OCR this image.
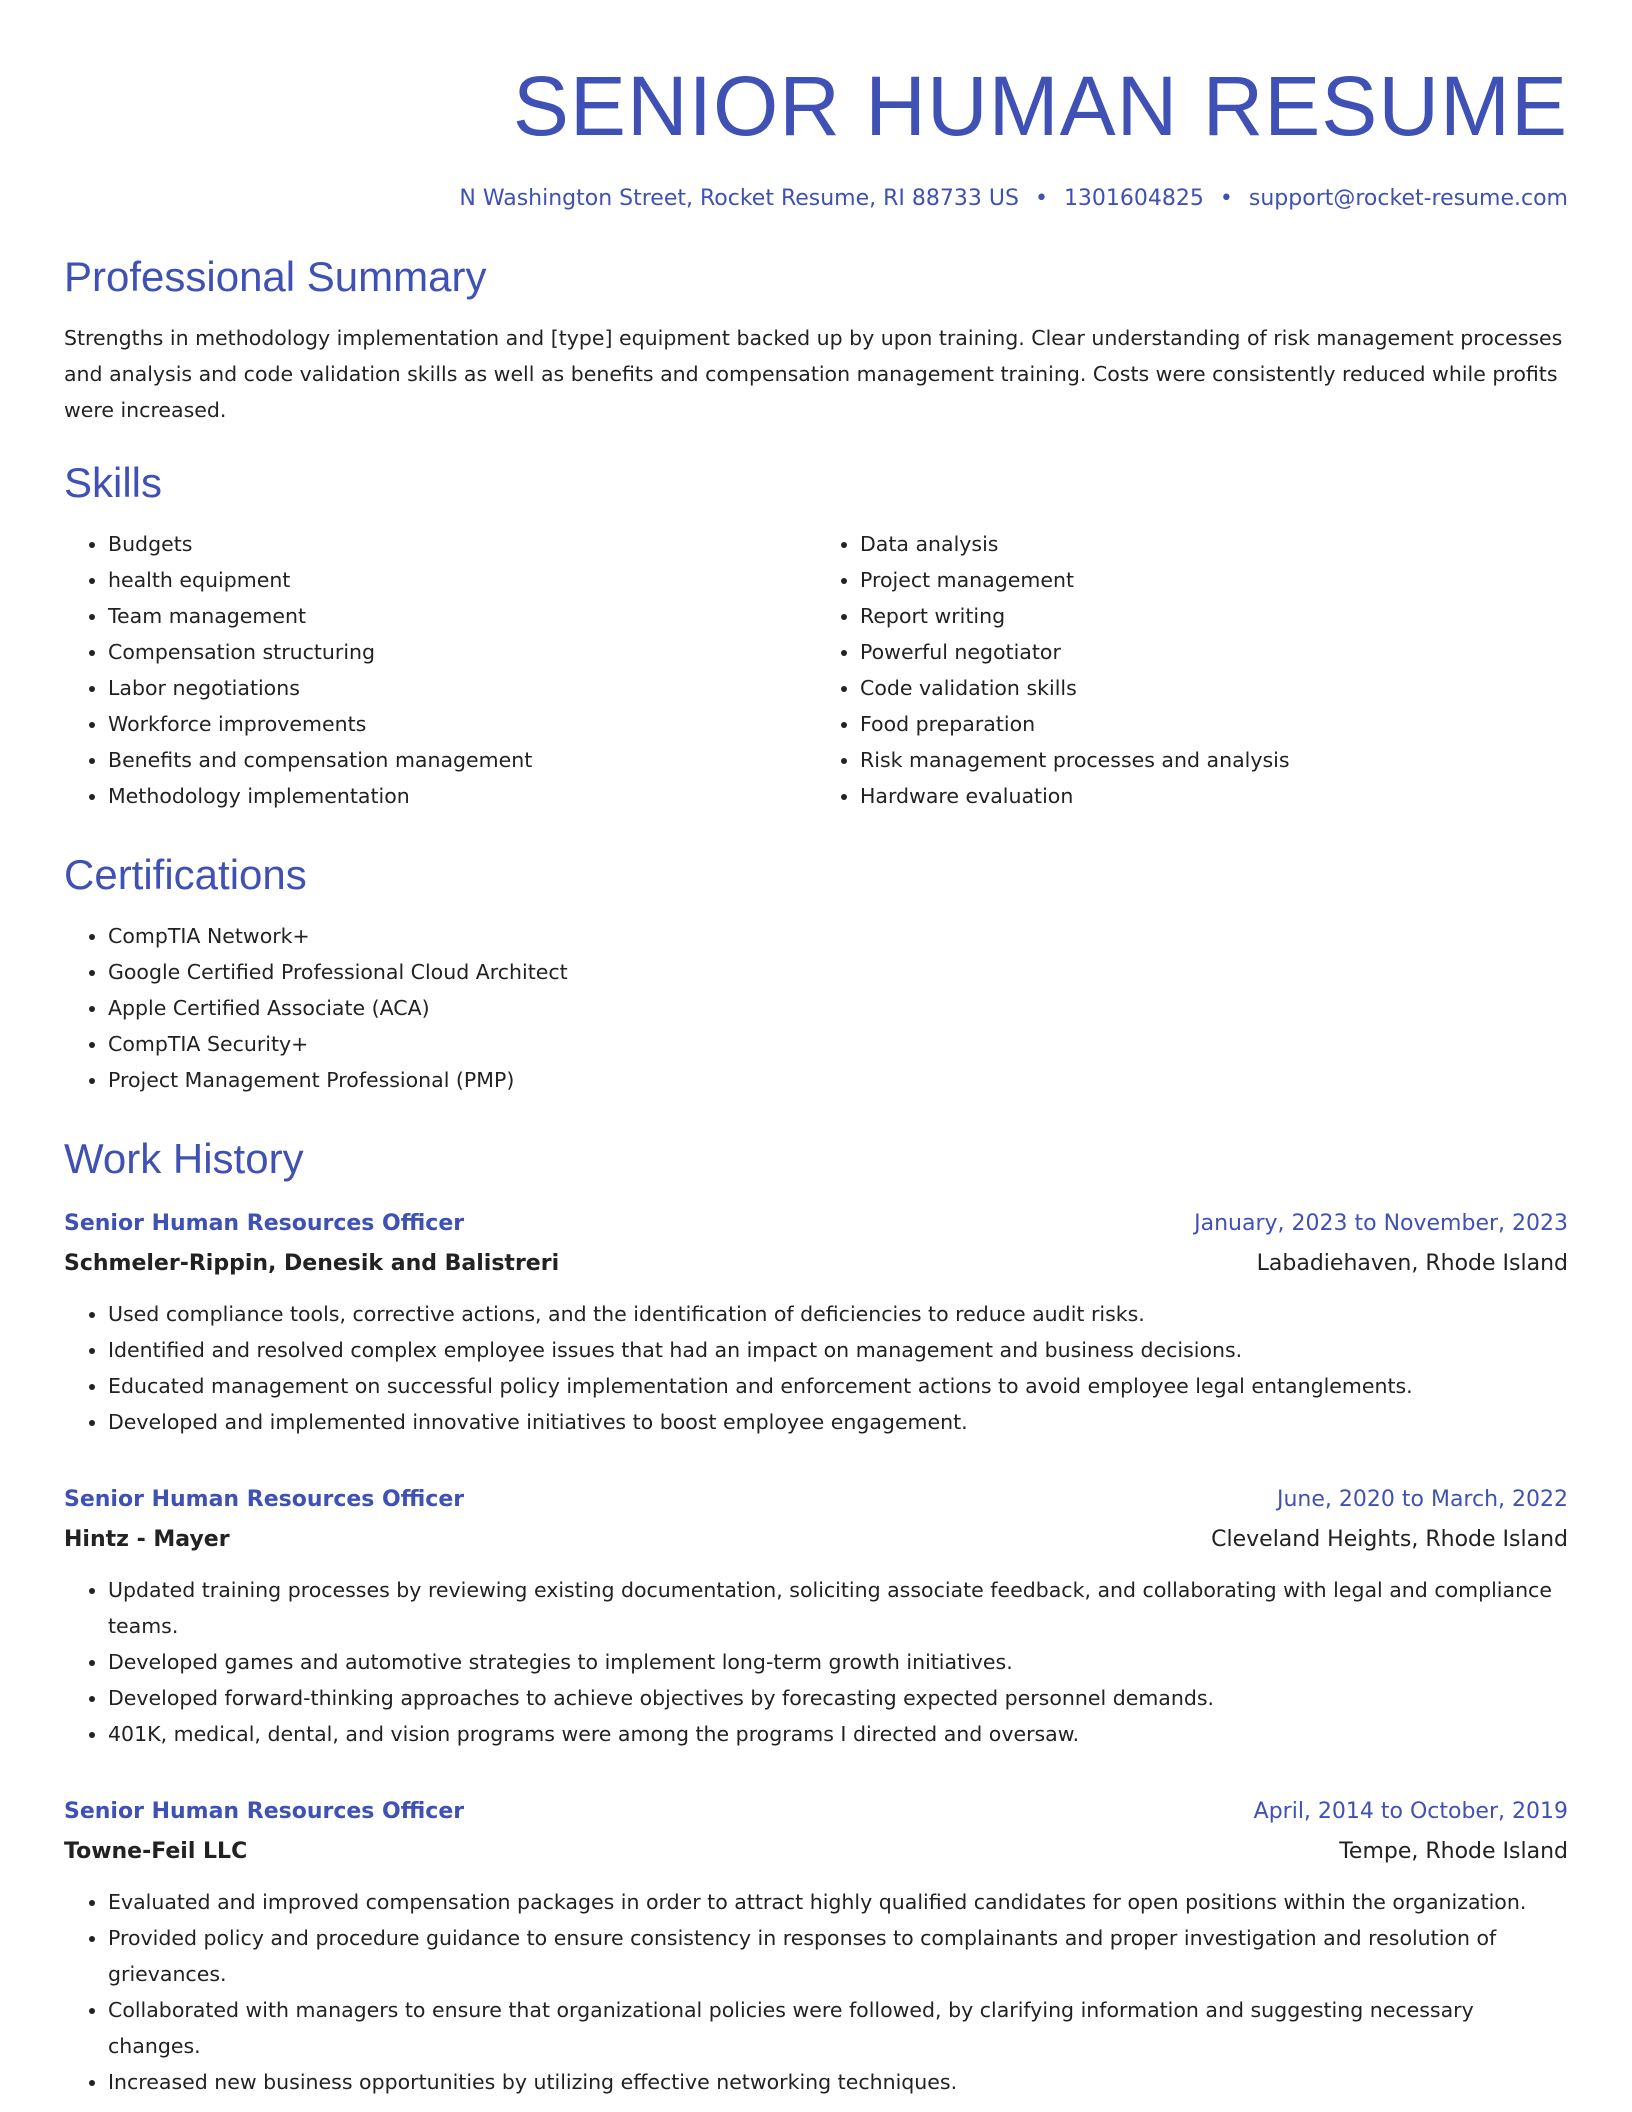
SENIOR HUMAN RESUME
N Washington Street, Rocket Resume, RI 88733 US • 1301604825 • support@rocket-resume.com
Professional Summary
Strengths in methodology implementation and [type] equipment backed up by upon training. Clear understanding of risk management processes and analysis and code validation skills as well as benefits and compensation management training. Costs were consistently reduced while profits were increased.
Skills
• Budgets
• health equipment
• Team management
• Compensation structuring
• Labor negotiations
• Workforce improvements
• Benefits and compensation management
• Methodology implementation
• Data analysis
• Project management
• Report writing
• Powerful negotiator
• Code validation skills
• Food preparation
• Risk management processes and analysis
• Hardware evaluation
Certifications
• CompTIA Network+
• Google Certified Professional Cloud Architect
• Apple Certified Associate (ACA)
• CompTIA Security+
• Project Management Professional (PMP)
Work History
Senior Human Resources Officer	January, 2023 to November, 2023
Schmeler-Rippin, Denesik and Balistreri	Labadiehaven, Rhode Island
• Used compliance tools, corrective actions, and the identification of deficiencies to reduce audit risks.
• Identified and resolved complex employee issues that had an impact on management and business decisions.
• Educated management on successful policy implementation and enforcement actions to avoid employee legal entanglements.
• Developed and implemented innovative initiatives to boost employee engagement.
Senior Human Resources Officer	June, 2020 to March, 2022
Hintz - Mayer	Cleveland Heights, Rhode Island
• Updated training processes by reviewing existing documentation, soliciting associate feedback, and collaborating with legal and compliance teams.
• Developed games and automotive strategies to implement long-term growth initiatives.
• Developed forward-thinking approaches to achieve objectives by forecasting expected personnel demands.
• 401K, medical, dental, and vision programs were among the programs I directed and oversaw.
Senior Human Resources Officer	April, 2014 to October, 2019
Towne-Feil LLC	Tempe, Rhode Island
• Evaluated and improved compensation packages in order to attract highly qualified candidates for open positions within the organization.
• Provided policy and procedure guidance to ensure consistency in responses to complainants and proper investigation and resolution of grievances.
• Collaborated with managers to ensure that organizational policies were followed, by clarifying information and suggesting necessary changes.
• Increased new business opportunities by utilizing effective networking techniques.
